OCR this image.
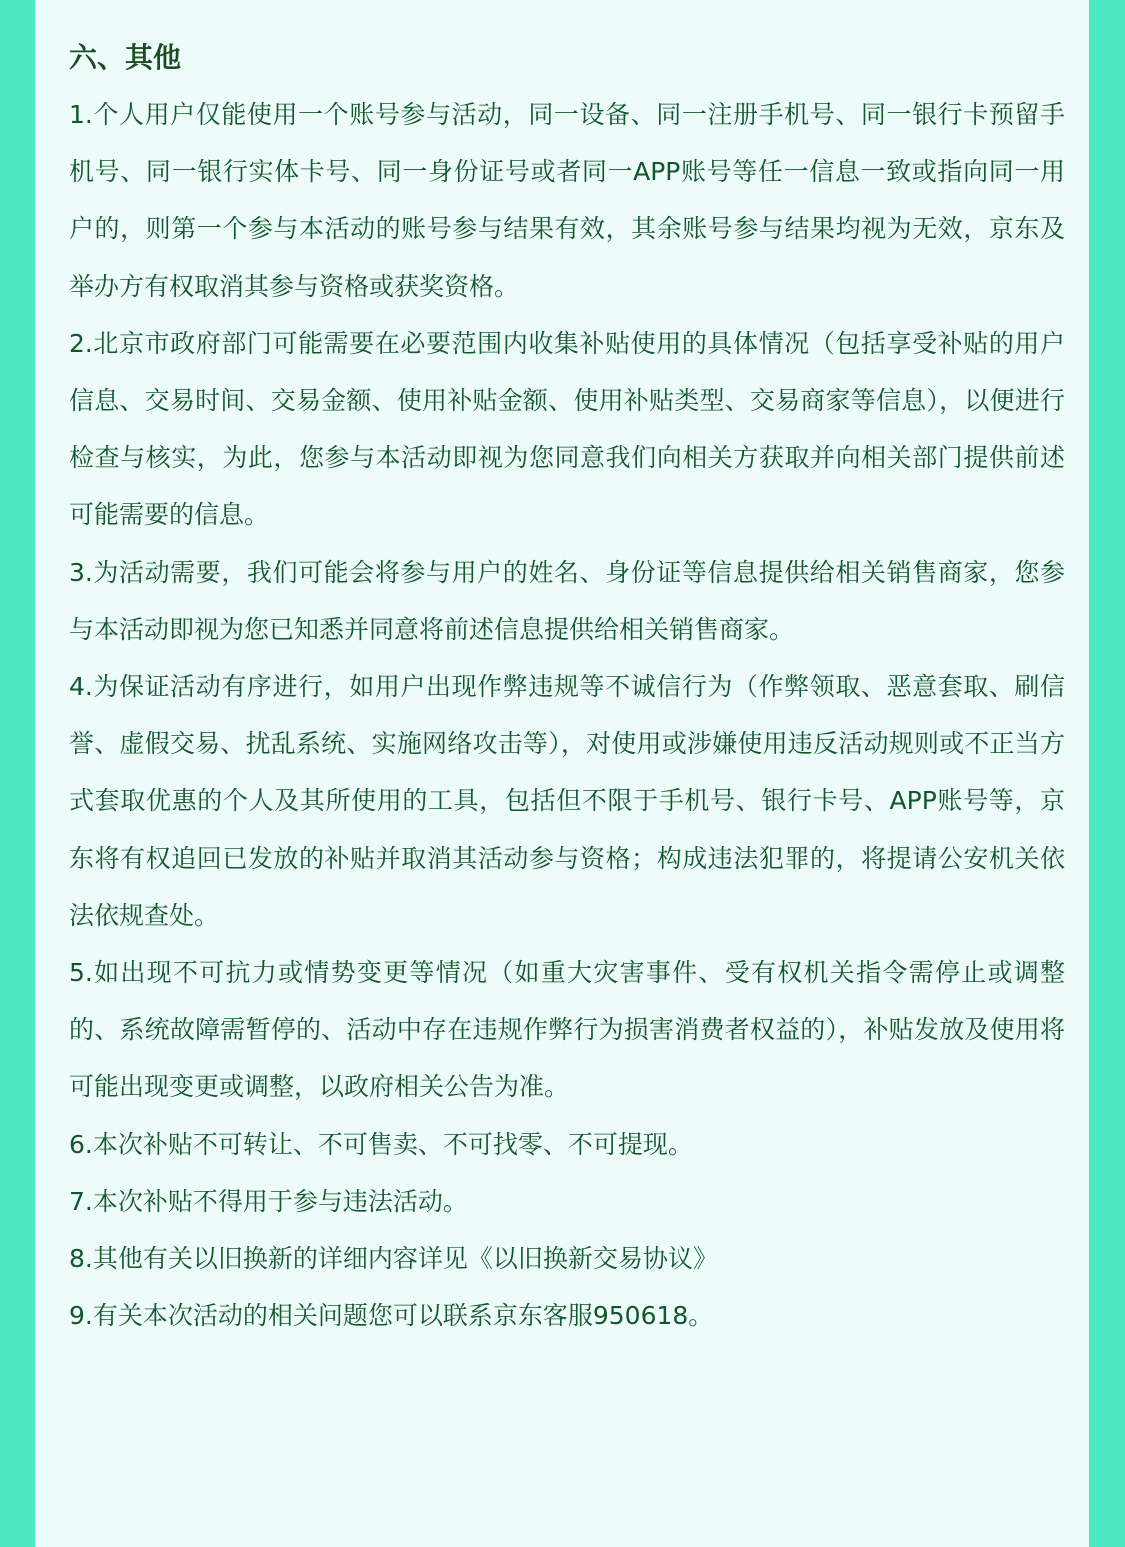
六、其他

1.个人用户仅能使用一个账号参与活动，同一设备、同一注册手机号、同一银行卡预留手机号、同一银行实体卡号、同一身份证号或者同一APP账号等任一信息一致或指向同一用户的，则第一个参与本活动的账号参与结果有效，其余账号参与结果均视为无效，京东及举办方有权取消其参与资格或获奖资格。

2.北京市政府部门可能需要在必要范围内收集补贴使用的具体情况（包括享受补贴的用户信息、交易时间、交易金额、使用补贴金额、使用补贴类型、交易商家等信息），以便进行检查与核实，为此，您参与本活动即视为您同意我们向相关方获取并向相关部门提供前述可能需要的信息。

3.为活动需要，我们可能会将参与用户的姓名、身份证等信息提供给相关销售商家，您参与本活动即视为您已知悉并同意将前述信息提供给相关销售商家。

4.为保证活动有序进行，如用户出现作弊违规等不诚信行为（作弊领取、恶意套取、刷信誉、虚假交易、扰乱系统、实施网络攻击等），对使用或涉嫌使用违反活动规则或不正当方式套取优惠的个人及其所使用的工具，包括但不限于手机号、银行卡号、APP账号等，京东将有权追回已发放的补贴并取消其活动参与资格；构成违法犯罪的，将提请公安机关依法依规查处。

5.如出现不可抗力或情势变更等情况（如重大灾害事件、受有权机关指令需停止或调整的、系统故障需暂停的、活动中存在违规作弊行为损害消费者权益的），补贴发放及使用将可能出现变更或调整，以政府相关公告为准。

6.本次补贴不可转让、不可售卖、不可找零、不可提现。

7.本次补贴不得用于参与违法活动。

8.其他有关以旧换新的详细内容详见《以旧换新交易协议》

9.有关本次活动的相关问题您可以联系京东客服950618。
